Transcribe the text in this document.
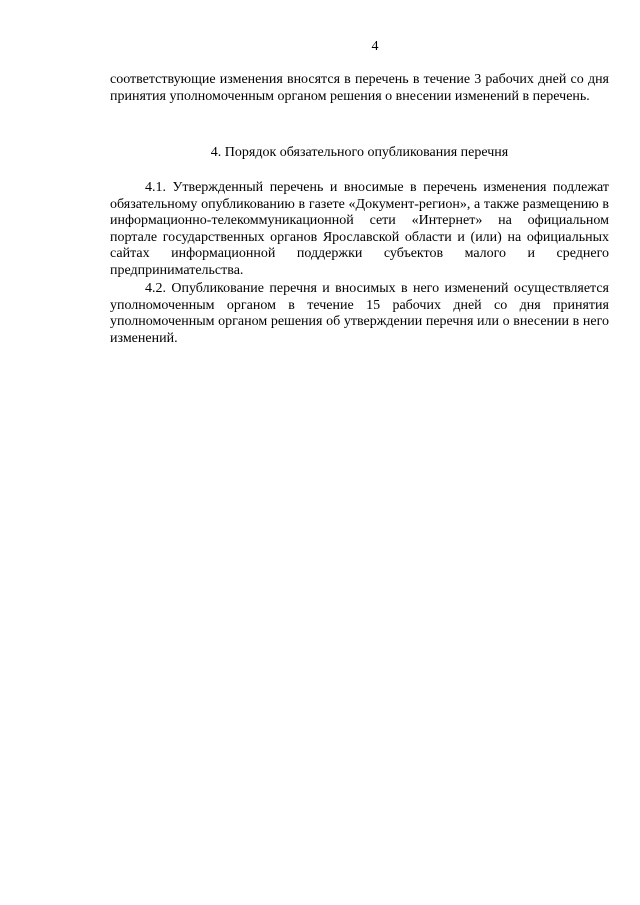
4

соответствующие изменения вносятся в перечень в течение 3 рабочих дней со дня принятия уполномоченным органом решения о внесении изменений в перечень.

4. Порядок обязательного опубликования перечня

4.1. Утвержденный перечень и вносимые в перечень изменения подлежат обязательному опубликованию в газете «Документ-регион», а также размещению в информационно-телекоммуникационной сети «Интернет» на официальном портале государственных органов Ярославской области и (или) на официальных сайтах информационной поддержки субъектов малого и среднего предпринимательства.

4.2. Опубликование перечня и вносимых в него изменений осуществляется уполномоченным органом в течение 15 рабочих дней со дня принятия уполномоченным органом решения об утверждении перечня или о внесении в него изменений.
